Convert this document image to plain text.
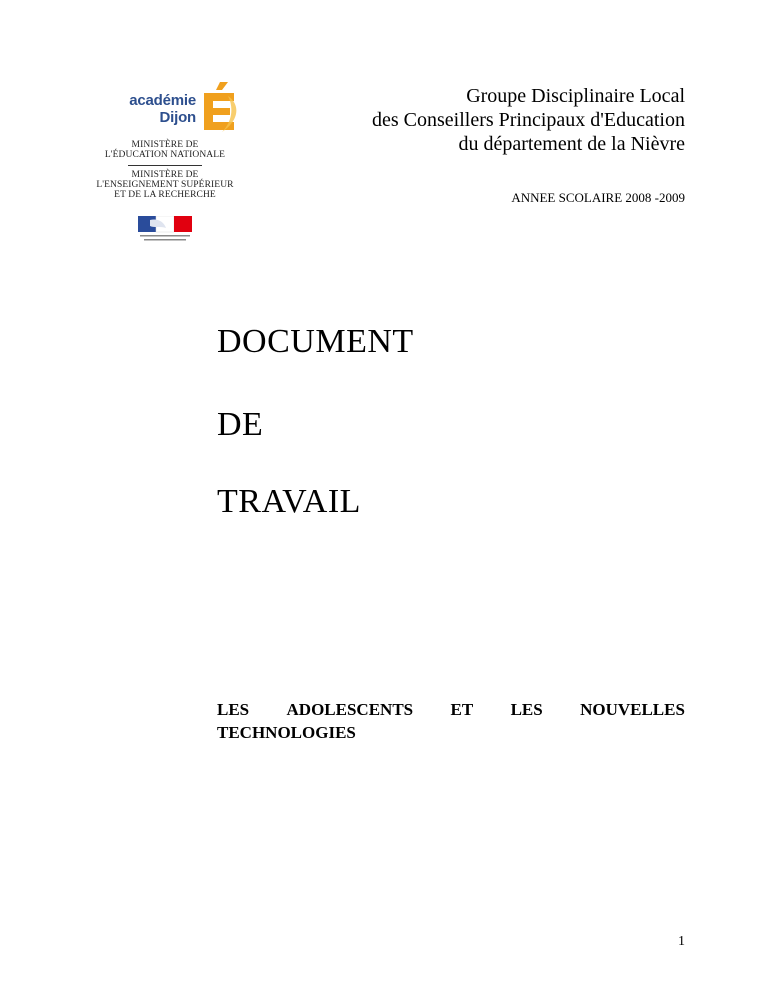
académie
Dijon
MINISTÈRE DE
L'ÉDUCATION NATIONALE
MINISTÈRE DE
L'ENSEIGNEMENT SUPÉRIEUR
ET DE LA RECHERCHE
Groupe Disciplinaire Local
des Conseillers Principaux d'Education
du département de la Nièvre
ANNEE SCOLAIRE 2008 -2009
DOCUMENT
DE
TRAVAIL
LES ADOLESCENTS ET LES NOUVELLES
TECHNOLOGIES
1
